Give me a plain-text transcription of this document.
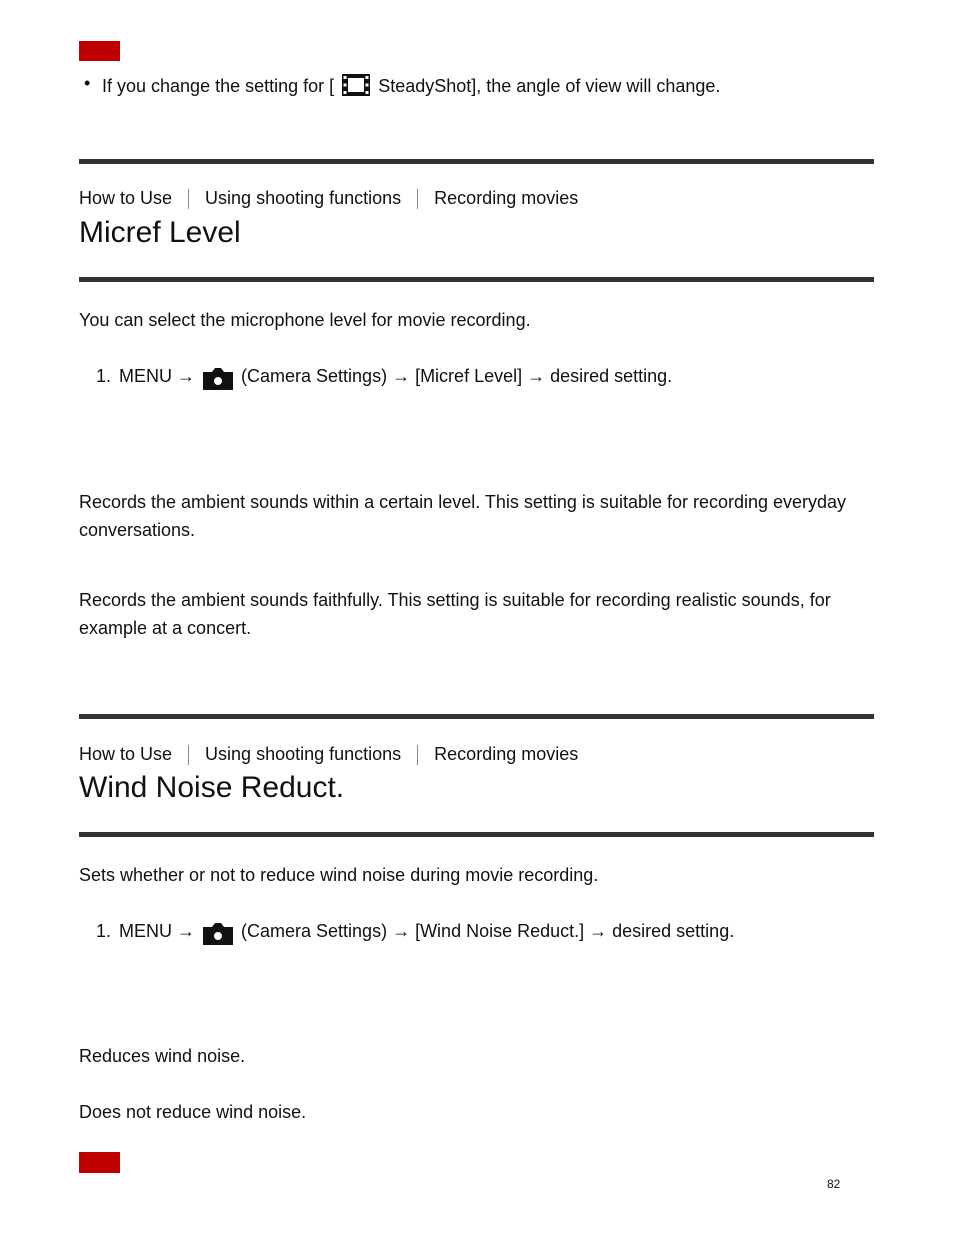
• If you change the setting for [ SteadyShot], the angle of view will change.
How to Use Using shooting functions Recording movies
Micref Level
You can select the microphone level for movie recording.
1. MENU →	(Camera Settings) → [Micref Level] → desired setting.
Records the ambient sounds within a certain level. This setting is suitable for recording everyday conversations.
Records the ambient sounds faithfully. This setting is suitable for recording realistic sounds, for example at a concert.
How to Use Using shooting functions Recording movies
Wind Noise Reduct.
Sets whether or not to reduce wind noise during movie recording.
1. MENU →	(Camera Settings) → [Wind Noise Reduct.] → desired setting.
Reduces wind noise.
Does not reduce wind noise.
82
